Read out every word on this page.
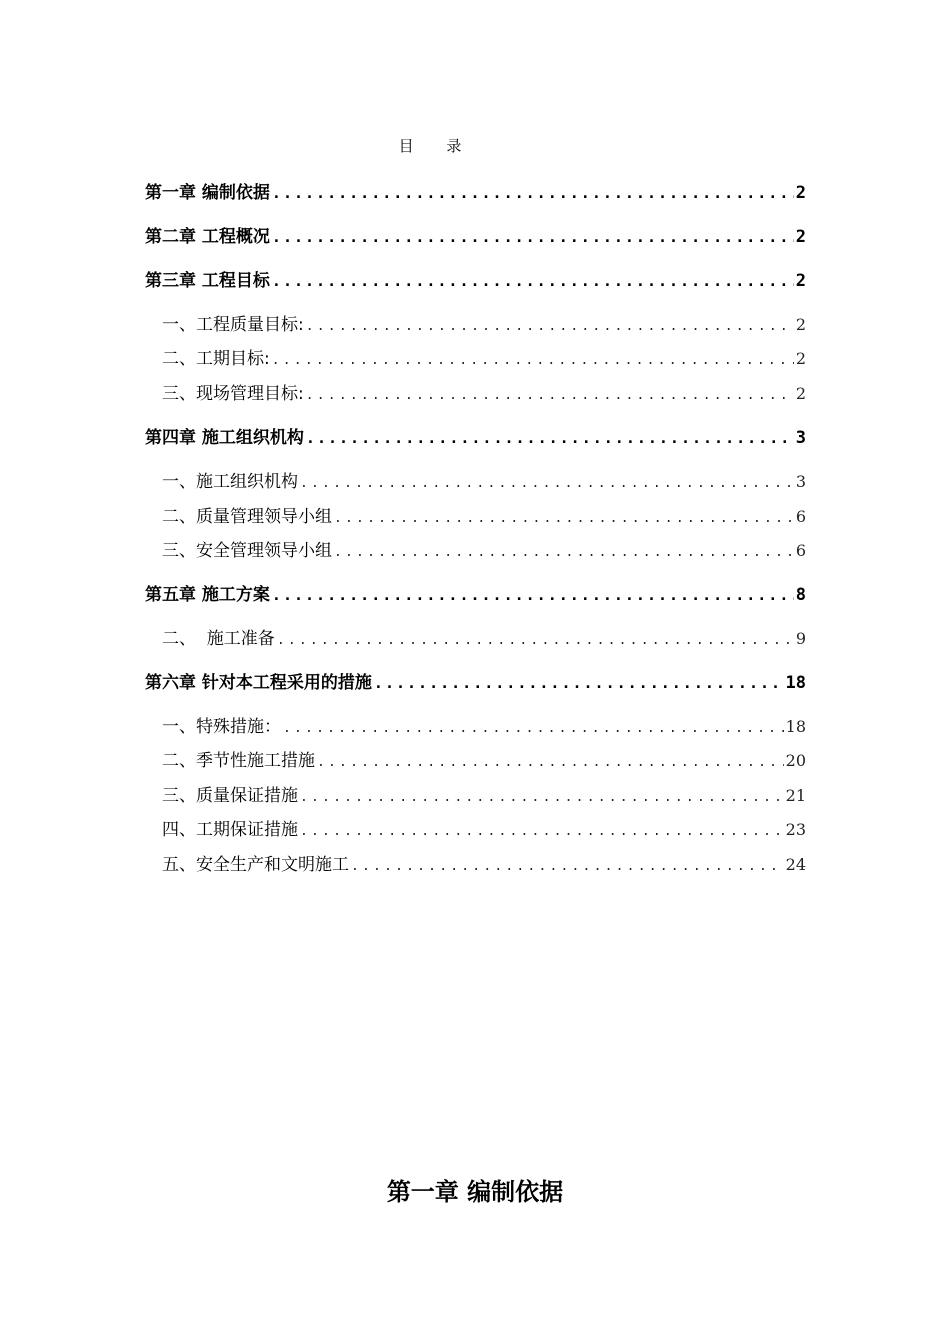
目 录
第一章 编制依据 .....	2
第二章 工程概况 .....	2
第三章 工程目标 .....	2
一、工程质量目标: .....	2
二、工期目标: .....	2
三、现场管理目标: .....	2
第四章 施工组织机构 .....	3
一、施工组织机构 .....	3
二、质量管理领导小组 .....	6
三、安全管理领导小组 .....	6
第五章 施工方案 .....	8
二、  施工准备 .....	9
第六章 针对本工程采用的措施 .....	18
一、特殊措施： .....	18
二、季节性施工措施 .....	20
三、质量保证措施 .....	21
四、工期保证措施 .....	23
五、安全生产和文明施工 .....	24
第一章 编制依据
